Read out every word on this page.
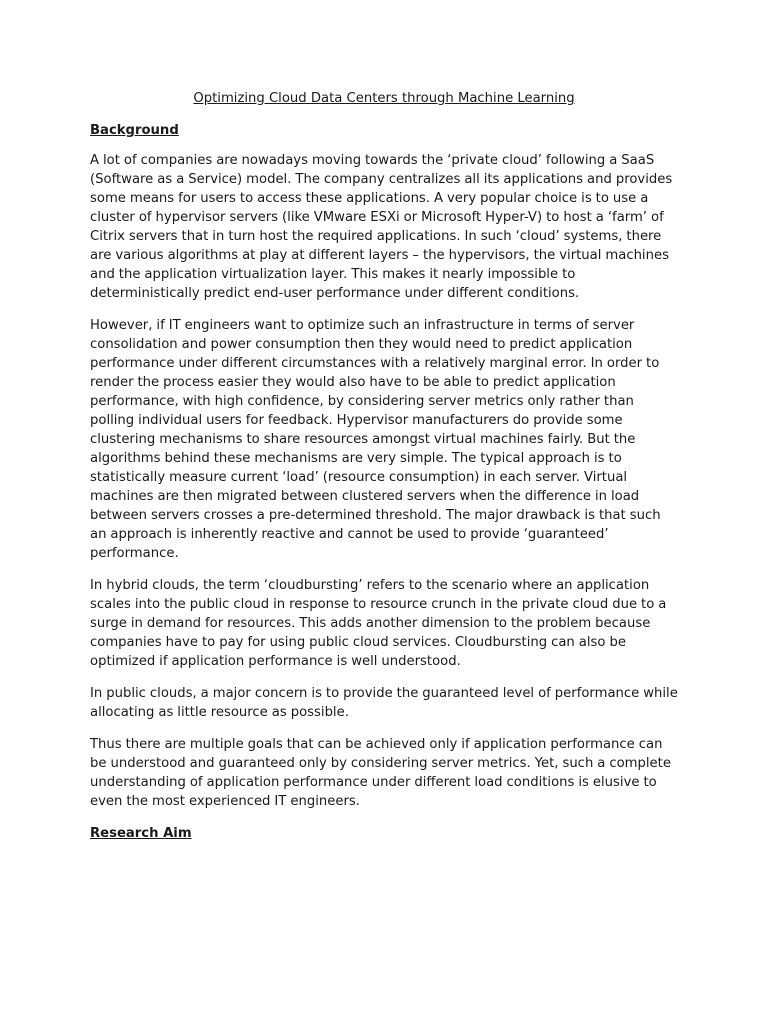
Optimizing Cloud Data Centers through Machine Learning
Background

A lot of companies are nowadays moving towards the ‘private cloud’ following a SaaS (Software as a Service) model. The company centralizes all its applications and provides some means for users to access these applications. A very popular choice is to use a cluster of hypervisor servers (like VMware ESXi or Microsoft Hyper-V) to host a ‘farm’ of Citrix servers that in turn host the required applications. In such ‘cloud’ systems, there are various algorithms at play at different layers – the hypervisors, the virtual machines and the application virtualization layer. This makes it nearly impossible to deterministically predict end-user performance under different conditions.

However, if IT engineers want to optimize such an infrastructure in terms of server consolidation and power consumption then they would need to predict application performance under different circumstances with a relatively marginal error. In order to render the process easier they would also have to be able to predict application performance, with high confidence, by considering server metrics only rather than polling individual users for feedback. Hypervisor manufacturers do provide some clustering mechanisms to share resources amongst virtual machines fairly. But the algorithms behind these mechanisms are very simple. The typical approach is to statistically measure current ‘load’ (resource consumption) in each server. Virtual machines are then migrated between clustered servers when the difference in load between servers crosses a pre-determined threshold. The major drawback is that such an approach is inherently reactive and cannot be used to provide ‘guaranteed’ performance.

In hybrid clouds, the term ‘cloudbursting’ refers to the scenario where an application scales into the public cloud in response to resource crunch in the private cloud due to a surge in demand for resources. This adds another dimension to the problem because companies have to pay for using public cloud services. Cloudbursting can also be optimized if application performance is well understood.

In public clouds, a major concern is to provide the guaranteed level of performance while allocating as little resource as possible.

Thus there are multiple goals that can be achieved only if application performance can be understood and guaranteed only by considering server metrics. Yet, such a complete understanding of application performance under different load conditions is elusive to even the most experienced IT engineers.

Research Aim
